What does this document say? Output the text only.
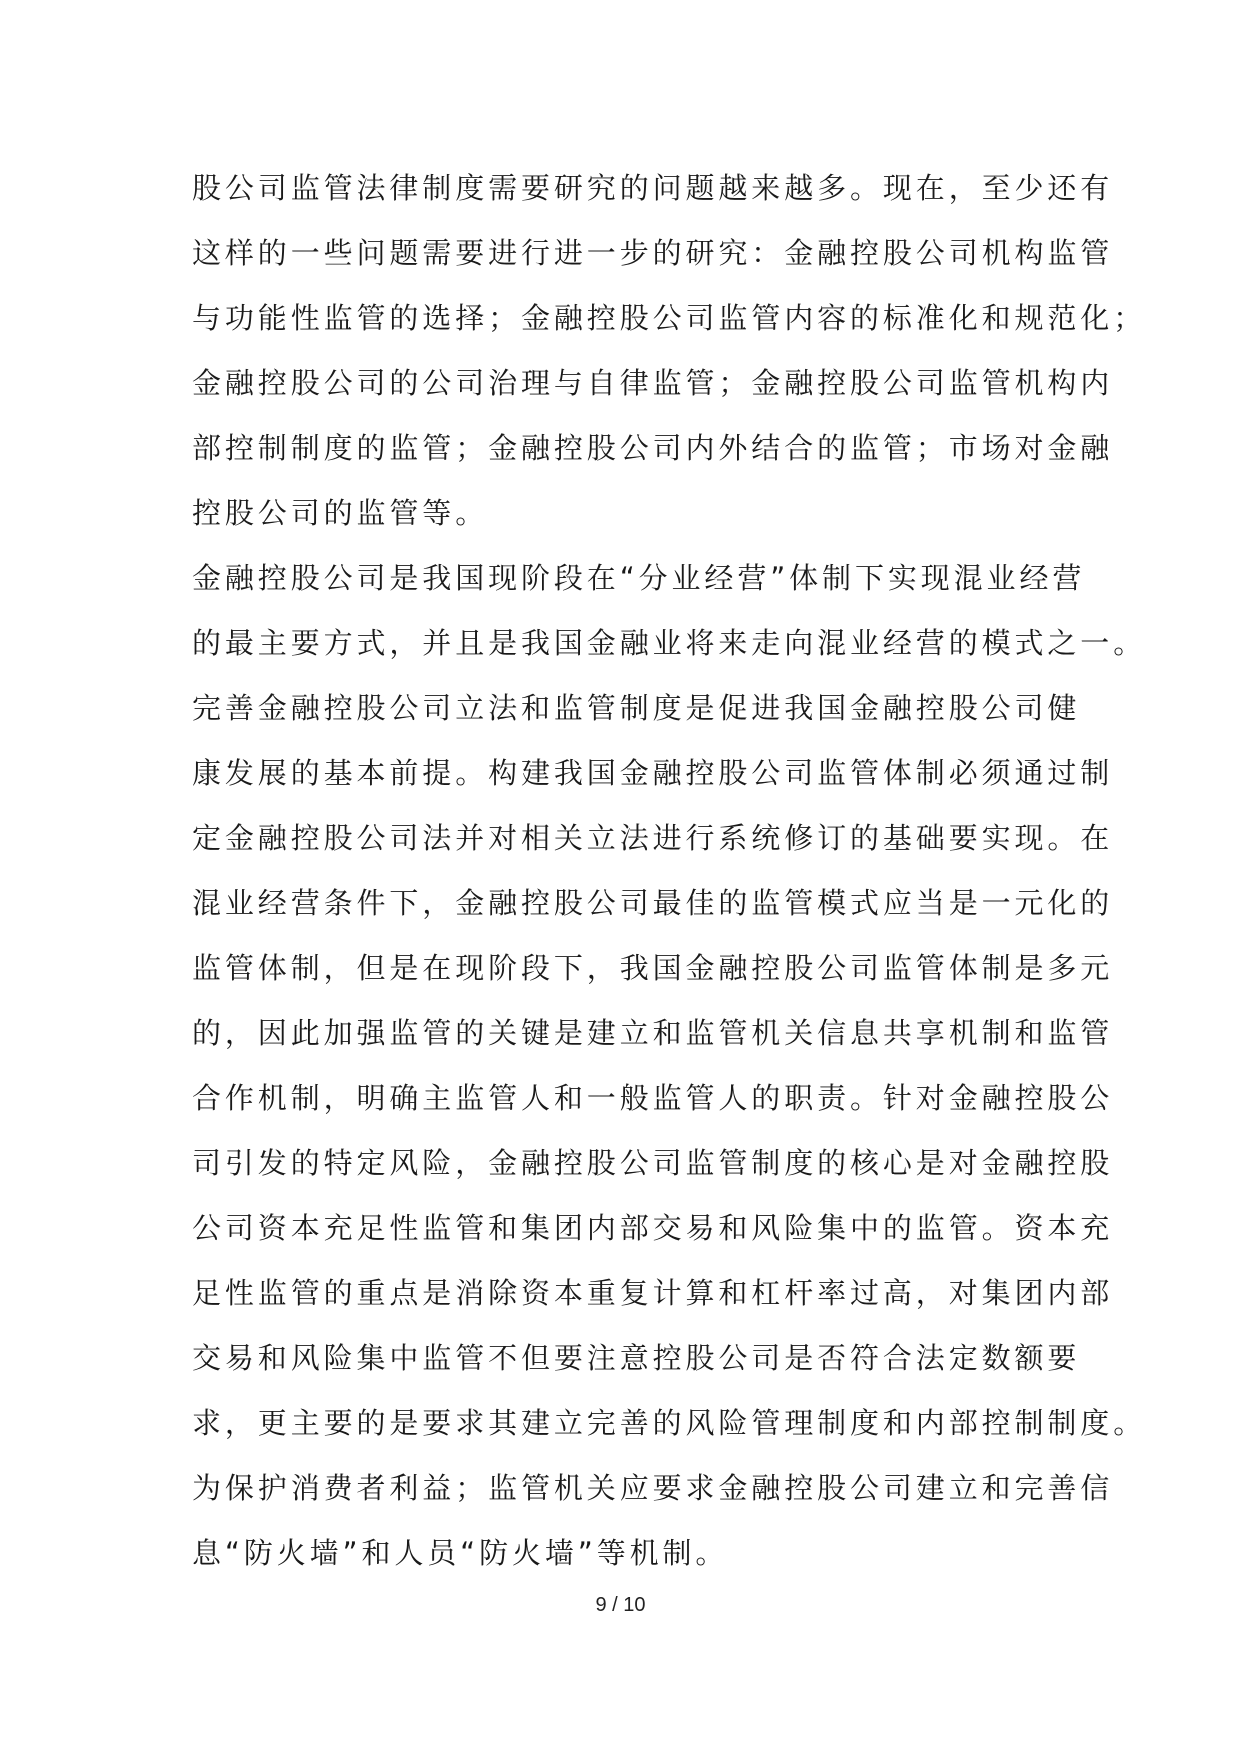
股公司监管法律制度需要研究的问题越来越多。现在，至少还有
这样的一些问题需要进行进一步的研究：金融控股公司机构监管
与功能性监管的选择；金融控股公司监管内容的标准化和规范化；
金融控股公司的公司治理与自律监管；金融控股公司监管机构内
部控制制度的监管；金融控股公司内外结合的监管；市场对金融
控股公司的监管等。
金融控股公司是我国现阶段在“分业经营”体制下实现混业经营
的最主要方式，并且是我国金融业将来走向混业经营的模式之一。
完善金融控股公司立法和监管制度是促进我国金融控股公司健
康发展的基本前提。构建我国金融控股公司监管体制必须通过制
定金融控股公司法并对相关立法进行系统修订的基础要实现。在
混业经营条件下，金融控股公司最佳的监管模式应当是一元化的
监管体制，但是在现阶段下，我国金融控股公司监管体制是多元
的，因此加强监管的关键是建立和监管机关信息共享机制和监管
合作机制，明确主监管人和一般监管人的职责。针对金融控股公
司引发的特定风险，金融控股公司监管制度的核心是对金融控股
公司资本充足性监管和集团内部交易和风险集中的监管。资本充
足性监管的重点是消除资本重复计算和杠杆率过高，对集团内部
交易和风险集中监管不但要注意控股公司是否符合法定数额要
求，更主要的是要求其建立完善的风险管理制度和内部控制制度。
为保护消费者利益；监管机关应要求金融控股公司建立和完善信
息“防火墙”和人员“防火墙”等机制。
9 / 10
